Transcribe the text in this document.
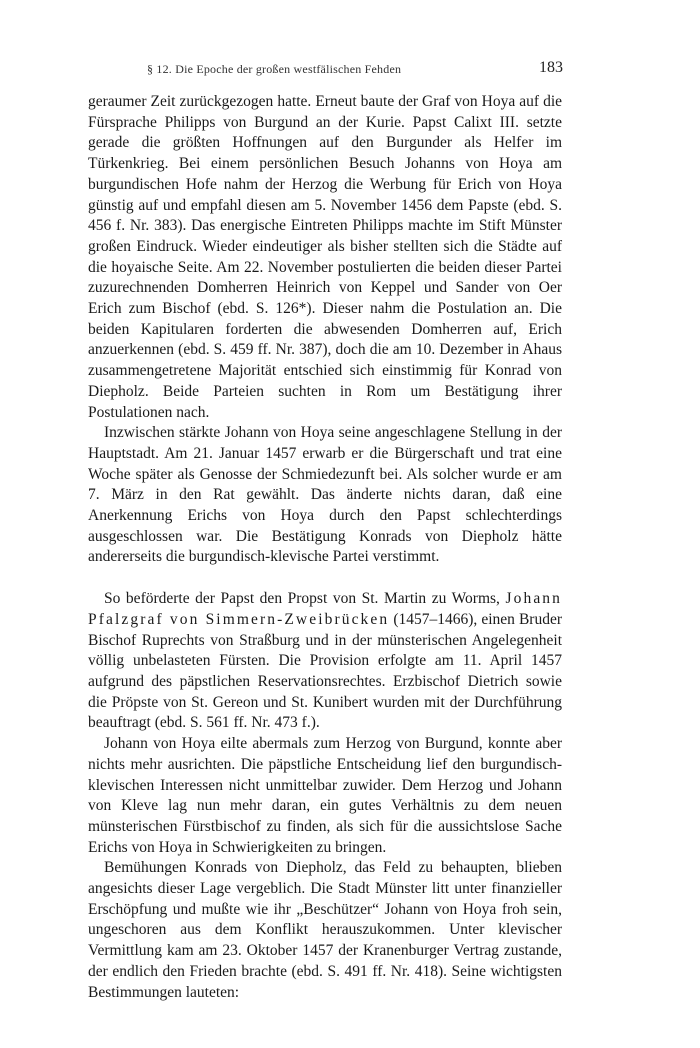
§ 12. Die Epoche der großen westfälischen Fehden	183

geraumer Zeit zurückgezogen hatte. Erneut baute der Graf von Hoya auf die Fürsprache Philipps von Burgund an der Kurie. Papst Calixt III. setzte gerade die größten Hoffnungen auf den Burgunder als Helfer im Türkenkrieg. Bei einem persönlichen Besuch Johanns von Hoya am burgundischen Hofe nahm der Herzog die Werbung für Erich von Hoya günstig auf und empfahl diesen am 5. November 1456 dem Papste (ebd. S. 456 f. Nr. 383). Das energische Eintreten Philipps machte im Stift Münster großen Eindruck. Wieder eindeutiger als bisher stellten sich die Städte auf die hoyaische Seite. Am 22. November postulierten die beiden dieser Partei zuzurechnenden Domherren Heinrich von Keppel und Sander von Oer Erich zum Bischof (ebd. S. 126*). Dieser nahm die Postulation an. Die beiden Kapitularen forderten die abwesenden Domherren auf, Erich anzuerkennen (ebd. S. 459 ff. Nr. 387), doch die am 10. Dezember in Ahaus zusammengetretene Majorität entschied sich einstimmig für Konrad von Diepholz. Beide Parteien suchten in Rom um Bestätigung ihrer Postulationen nach.

Inzwischen stärkte Johann von Hoya seine angeschlagene Stellung in der Hauptstadt. Am 21. Januar 1457 erwarb er die Bürgerschaft und trat eine Woche später als Genosse der Schmiedezunft bei. Als solcher wurde er am 7. März in den Rat gewählt. Das änderte nichts daran, daß eine Anerkennung Erichs von Hoya durch den Papst schlechterdings ausgeschlossen war. Die Bestätigung Konrads von Diepholz hätte andererseits die burgundisch-klevische Partei verstimmt.

So beförderte der Papst den Propst von St. Martin zu Worms, Johann Pfalzgraf von Simmern-Zweibrücken (1457–1466), einen Bruder Bischof Ruprechts von Straßburg und in der münsterischen Angelegenheit völlig unbelasteten Fürsten. Die Provision erfolgte am 11. April 1457 aufgrund des päpstlichen Reservationsrechtes. Erzbischof Dietrich sowie die Pröpste von St. Gereon und St. Kunibert wurden mit der Durchführung beauftragt (ebd. S. 561 ff. Nr. 473 f.).

Johann von Hoya eilte abermals zum Herzog von Burgund, konnte aber nichts mehr ausrichten. Die päpstliche Entscheidung lief den burgundisch-klevischen Interessen nicht unmittelbar zuwider. Dem Herzog und Johann von Kleve lag nun mehr daran, ein gutes Verhältnis zu dem neuen münsterischen Fürstbischof zu finden, als sich für die aussichtslose Sache Erichs von Hoya in Schwierigkeiten zu bringen.

Bemühungen Konrads von Diepholz, das Feld zu behaupten, blieben angesichts dieser Lage vergeblich. Die Stadt Münster litt unter finanzieller Erschöpfung und mußte wie ihr „Beschützer“ Johann von Hoya froh sein, ungeschoren aus dem Konflikt herauszukommen. Unter klevischer Vermittlung kam am 23. Oktober 1457 der Kranenburger Vertrag zustande, der endlich den Frieden brachte (ebd. S. 491 ff. Nr. 418). Seine wichtigsten Bestimmungen lauteten:
